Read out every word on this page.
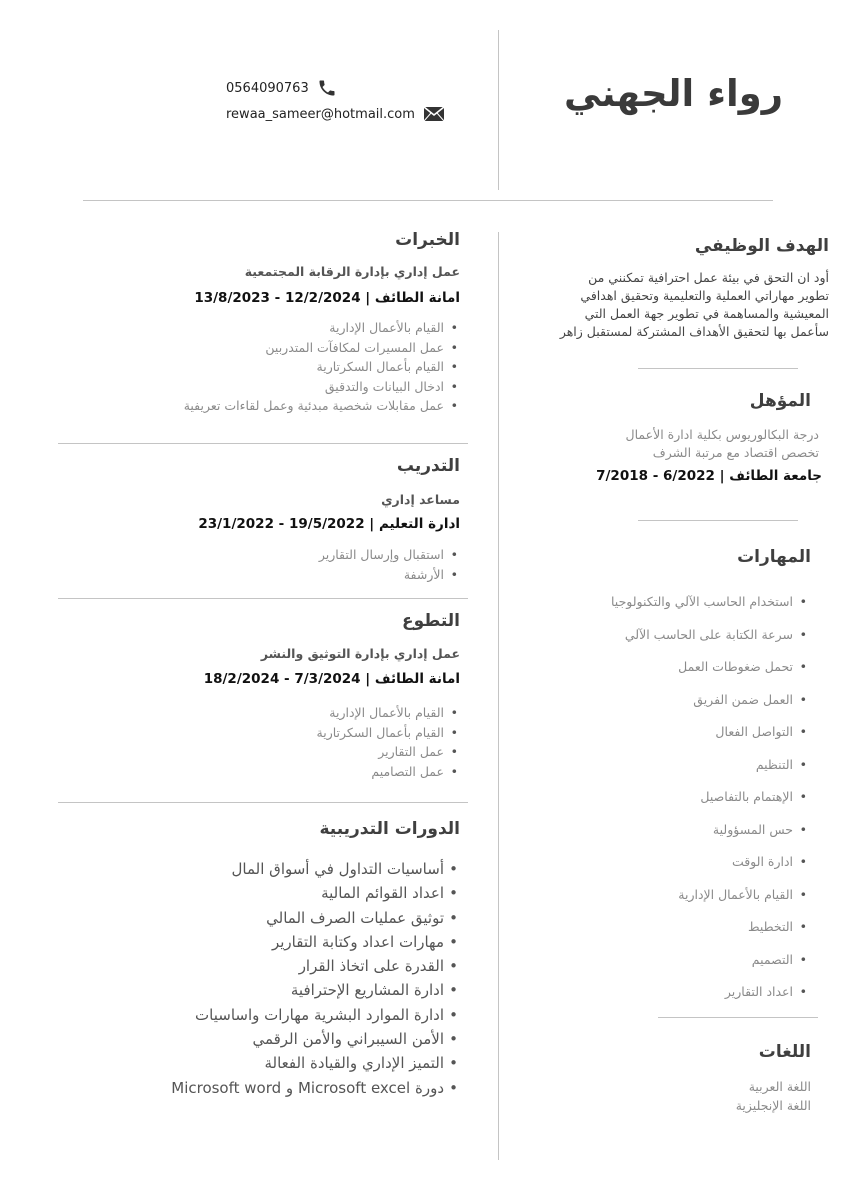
رواء الجهني
0564090763
rewaa_sameer@hotmail.com
الهدف الوظيفي
أود ان التحق في بيئة عمل احترافية تمكنني من
تطوير مهاراتي العملية والتعليمية وتحقيق اهدافي
المعيشية والمساهمة في تطوير جهة العمل التي
سأعمل بها لتحقيق الأهداف المشتركة لمستقبل زاهر
المؤهل
درجة البكالوريوس بكلية ادارة الأعمال
تخصص اقتصاد مع مرتبة الشرف
جامعة الطائف | 6/2022 - 7/2018
المهارات
• استخدام الحاسب الآلي والتكنولوجيا
• سرعة الكتابة على الحاسب الآلي
• تحمل ضغوطات العمل
• العمل ضمن الفريق
• التواصل الفعال
• التنظيم
• الإهتمام بالتفاصيل
• حس المسؤولية
• ادارة الوقت
• القيام بالأعمال الإدارية
• التخطيط
• التصميم
• اعداد التقارير
اللغات
اللغة العربية
اللغة الإنجليزية
الخبرات
عمل إداري بإدارة الرقابة المجتمعية
امانة الطائف | 12/2/2024 - 13/8/2023
• القيام بالأعمال الإدارية
• عمل المسيرات لمكافآت المتدربين
• القيام بأعمال السكرتارية
• ادخال البيانات والتدقيق
• عمل مقابلات شخصية مبدئية وعمل لقاءات تعريفية
التدريب
مساعد إداري
ادارة التعليم | 19/5/2022 - 23/1/2022
• استقبال وإرسال التقارير
• الأرشفة
التطوع
عمل إداري بإدارة التوثيق والنشر
امانة الطائف | 7/3/2024 - 18/2/2024
• القيام بالأعمال الإدارية
• القيام بأعمال السكرتارية
• عمل التقارير
• عمل التصاميم
الدورات التدريبية
• أساسيات التداول في أسواق المال
• اعداد القوائم المالية
• توثيق عمليات الصرف المالي
• مهارات اعداد وكتابة التقارير
• القدرة على اتخاذ القرار
• ادارة المشاريع الإحترافية
• ادارة الموارد البشرية مهارات واساسيات
• الأمن السيبراني والأمن الرقمي
• التميز الإداري والقيادة الفعالة
• دورة Microsoft excel و Microsoft word
